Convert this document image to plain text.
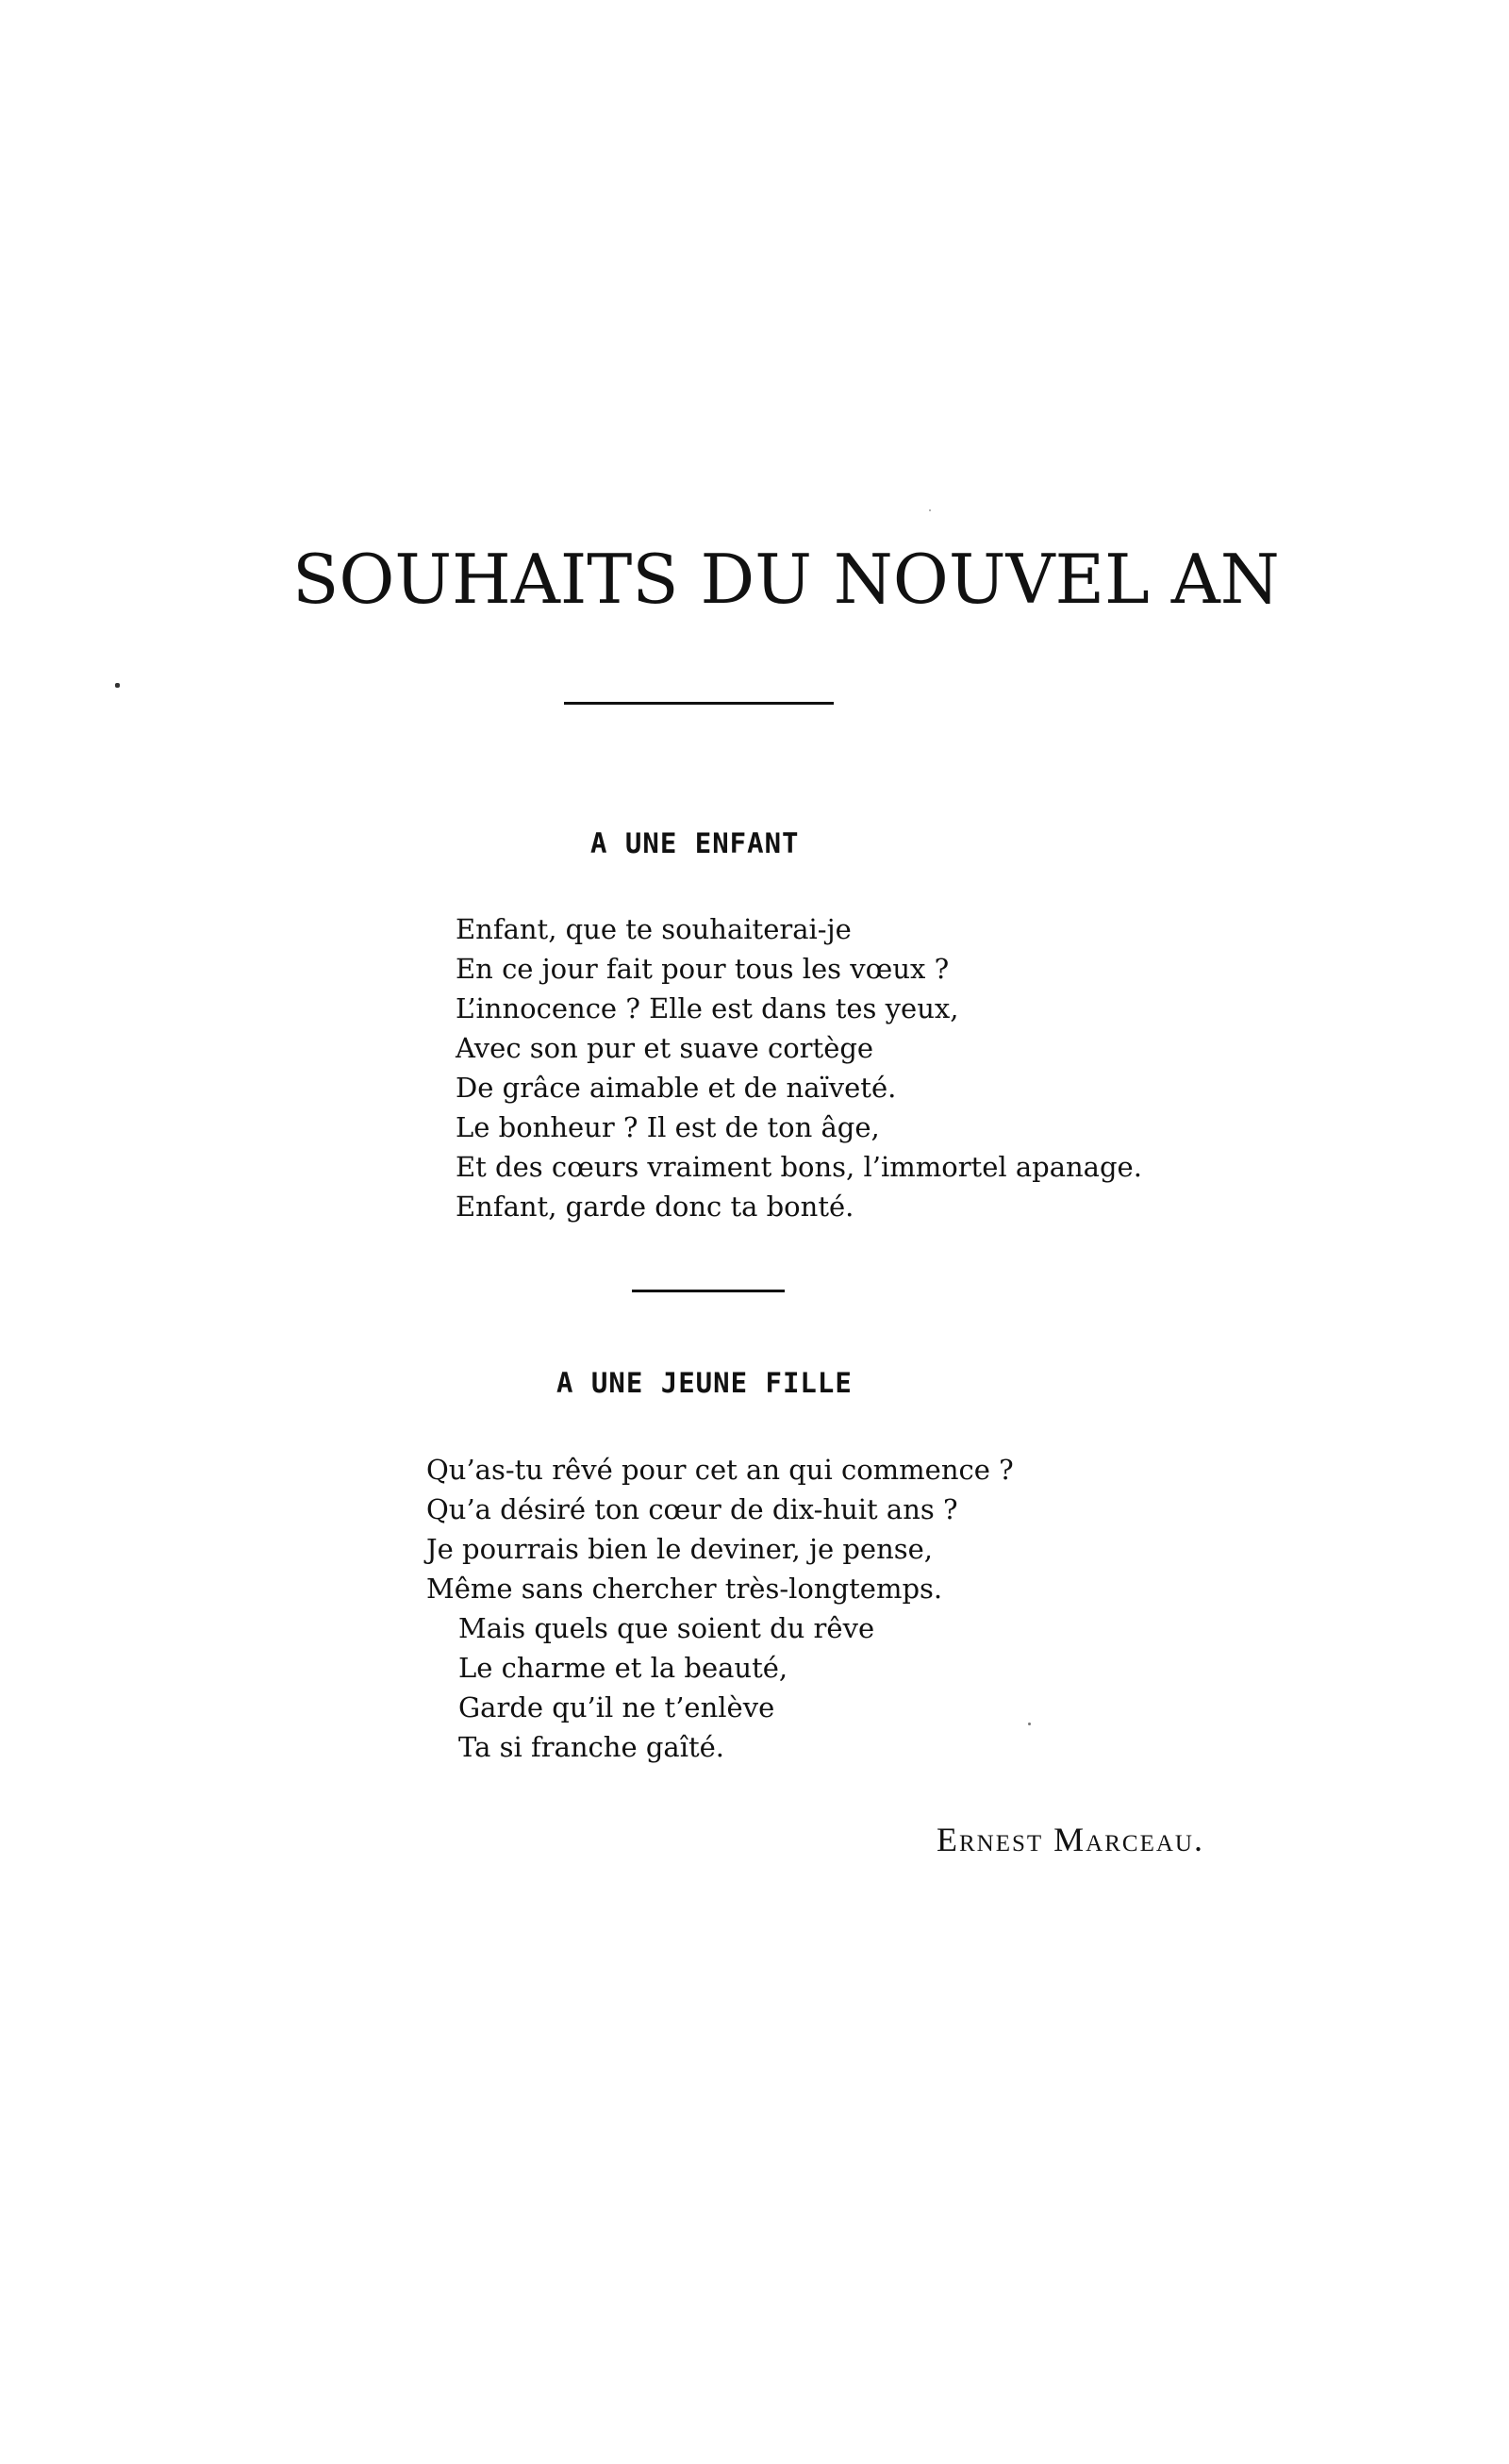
SOUHAITS DU NOUVEL AN
A UNE ENFANT
Enfant, que te souhaiterai-je
En ce jour fait pour tous les vœux ?
L’innocence ? Elle est dans tes yeux,
Avec son pur et suave cortège
De grâce aimable et de naïveté.
Le bonheur ? Il est de ton âge,
Et des cœurs vraiment bons, l’immortel apanage.
Enfant, garde donc ta bonté.
A UNE JEUNE FILLE
Qu’as-tu rêvé pour cet an qui commence ?
Qu’a désiré ton cœur de dix-huit ans ?
Je pourrais bien le deviner, je pense,
Même sans chercher très-longtemps.
Mais quels que soient du rêve
Le charme et la beauté,
Garde qu’il ne t’enlève
Ta si franche gaîté.

Ernest Marceau.
